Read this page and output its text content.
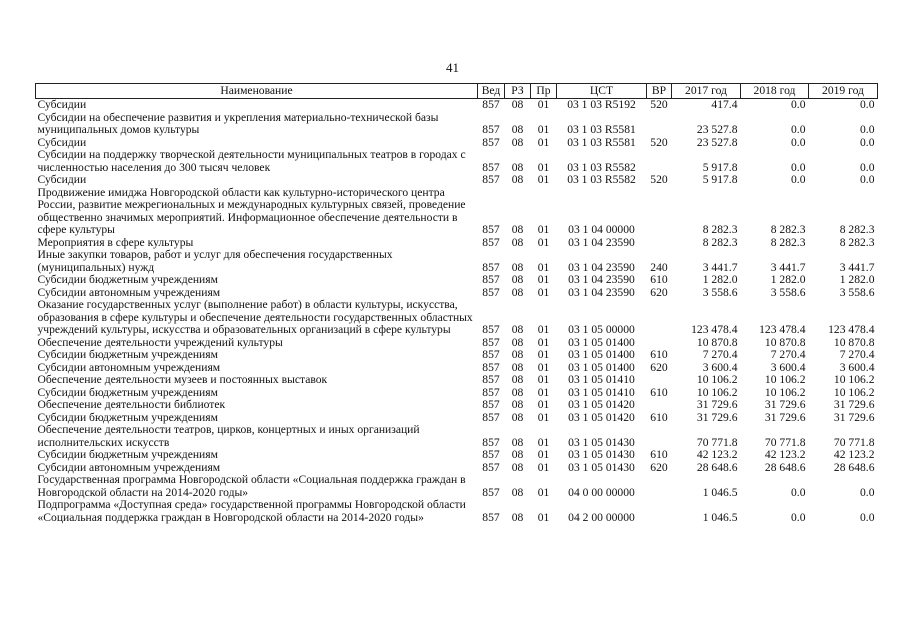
41
Наименование	Вед	РЗ	Пр	ЦСТ	ВР	2017 год	2018 год	2019 год
Субсидии	857	08	01	03 1 03 R5192	520	417.4	0.0	0.0
Субсидии на обеспечение развития и укрепления материально-технической базы муниципальных домов культуры	857	08	01	03 1 03 R5581		23 527.8	0.0	0.0
Субсидии	857	08	01	03 1 03 R5581	520	23 527.8	0.0	0.0
Субсидии на поддержку творческой деятельности муниципальных театров в городах с численностью населения до 300 тысяч человек	857	08	01	03 1 03 R5582		5 917.8	0.0	0.0
Субсидии	857	08	01	03 1 03 R5582	520	5 917.8	0.0	0.0
Продвижение имиджа Новгородской области как культурно-исторического центра России, развитие межрегиональных и международных культурных связей, проведение общественно значимых мероприятий. Информационное обеспечение деятельности в сфере культуры	857	08	01	03 1 04 00000		8 282.3	8 282.3	8 282.3
Мероприятия в сфере культуры	857	08	01	03 1 04 23590		8 282.3	8 282.3	8 282.3
Иные закупки товаров, работ и услуг для обеспечения государственных (муниципальных) нужд	857	08	01	03 1 04 23590	240	3 441.7	3 441.7	3 441.7
Субсидии бюджетным учреждениям	857	08	01	03 1 04 23590	610	1 282.0	1 282.0	1 282.0
Субсидии автономным учреждениям	857	08	01	03 1 04 23590	620	3 558.6	3 558.6	3 558.6
Оказание государственных услуг (выполнение работ) в области культуры, искусства, образования в сфере культуры и обеспечение деятельности государственных областных учреждений культуры, искусства и образовательных организаций в сфере культуры	857	08	01	03 1 05 00000		123 478.4	123 478.4	123 478.4
Обеспечение деятельности учреждений культуры	857	08	01	03 1 05 01400		10 870.8	10 870.8	10 870.8
Субсидии бюджетным учреждениям	857	08	01	03 1 05 01400	610	7 270.4	7 270.4	7 270.4
Субсидии автономным учреждениям	857	08	01	03 1 05 01400	620	3 600.4	3 600.4	3 600.4
Обеспечение деятельности музеев и постоянных выставок	857	08	01	03 1 05 01410		10 106.2	10 106.2	10 106.2
Субсидии бюджетным учреждениям	857	08	01	03 1 05 01410	610	10 106.2	10 106.2	10 106.2
Обеспечение деятельности библиотек	857	08	01	03 1 05 01420		31 729.6	31 729.6	31 729.6
Субсидии бюджетным учреждениям	857	08	01	03 1 05 01420	610	31 729.6	31 729.6	31 729.6
Обеспечение деятельности театров, цирков, концертных и иных организаций исполнительских искусств	857	08	01	03 1 05 01430		70 771.8	70 771.8	70 771.8
Субсидии бюджетным учреждениям	857	08	01	03 1 05 01430	610	42 123.2	42 123.2	42 123.2
Субсидии автономным учреждениям	857	08	01	03 1 05 01430	620	28 648.6	28 648.6	28 648.6
Государственная программа Новгородской области «Социальная поддержка граждан в Новгородской области на 2014-2020 годы»	857	08	01	04 0 00 00000		1 046.5	0.0	0.0
Подпрограмма «Доступная среда» государственной программы Новгородской области «Социальная поддержка граждан в Новгородской области на 2014-2020 годы»	857	08	01	04 2 00 00000		1 046.5	0.0	0.0
